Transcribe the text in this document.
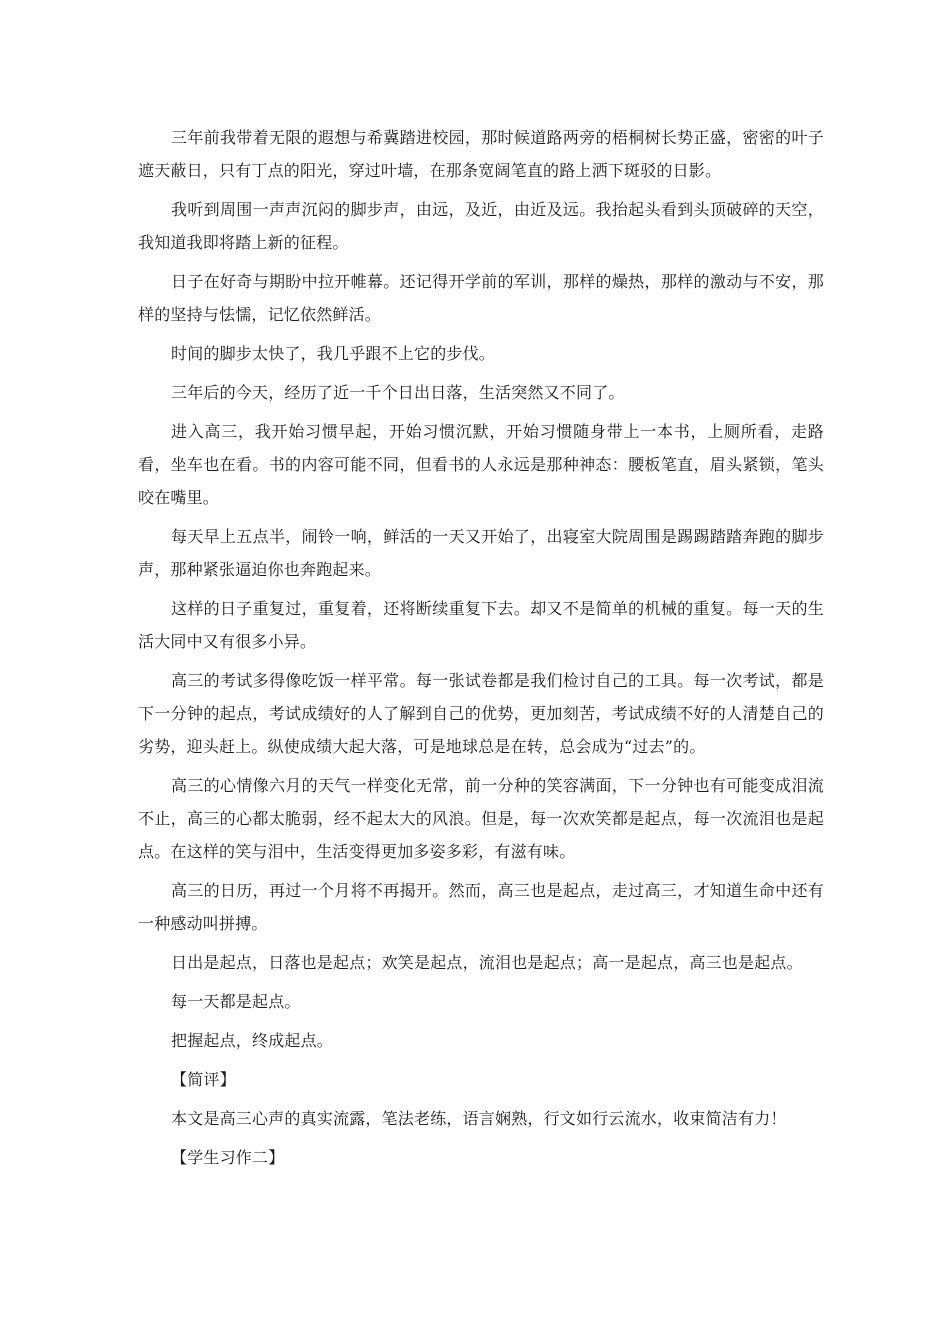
三年前我带着无限的遐想与希冀踏进校园，那时候道路两旁的梧桐树长势正盛，密密的叶子遮天蔽日，只有丁点的阳光，穿过叶墙，在那条宽阔笔直的路上洒下斑驳的日影。

我听到周围一声声沉闷的脚步声，由远，及近，由近及远。我抬起头看到头顶破碎的天空，我知道我即将踏上新的征程。

日子在好奇与期盼中拉开帷幕。还记得开学前的军训，那样的燥热，那样的激动与不安，那样的坚持与怯懦，记忆依然鲜活。

时间的脚步太快了，我几乎跟不上它的步伐。

三年后的今天，经历了近一千个日出日落，生活突然又不同了。

进入高三，我开始习惯早起，开始习惯沉默，开始习惯随身带上一本书，上厕所看，走路看，坐车也在看。书的内容可能不同，但看书的人永远是那种神态：腰板笔直，眉头紧锁，笔头咬在嘴里。

每天早上五点半，闹铃一响，鲜活的一天又开始了，出寝室大院周围是踢踢踏踏奔跑的脚步声，那种紧张逼迫你也奔跑起来。

这样的日子重复过，重复着，还将断续重复下去。却又不是简单的机械的重复。每一天的生活大同中又有很多小异。

高三的考试多得像吃饭一样平常。每一张试卷都是我们检讨自己的工具。每一次考试，都是下一分钟的起点，考试成绩好的人了解到自己的优势，更加刻苦，考试成绩不好的人清楚自己的劣势，迎头赶上。纵使成绩大起大落，可是地球总是在转，总会成为“过去”的。

高三的心情像六月的天气一样变化无常，前一分种的笑容满面，下一分钟也有可能变成泪流不止，高三的心都太脆弱，经不起太大的风浪。但是，每一次欢笑都是起点，每一次流泪也是起点。在这样的笑与泪中，生活变得更加多姿多彩，有滋有味。

高三的日历，再过一个月将不再揭开。然而，高三也是起点，走过高三，才知道生命中还有一种感动叫拼搏。

日出是起点，日落也是起点；欢笑是起点，流泪也是起点；高一是起点，高三也是起点。

每一天都是起点。

把握起点，终成起点。

【简评】

本文是高三心声的真实流露，笔法老练，语言娴熟，行文如行云流水，收束简洁有力！

【学生习作二】
